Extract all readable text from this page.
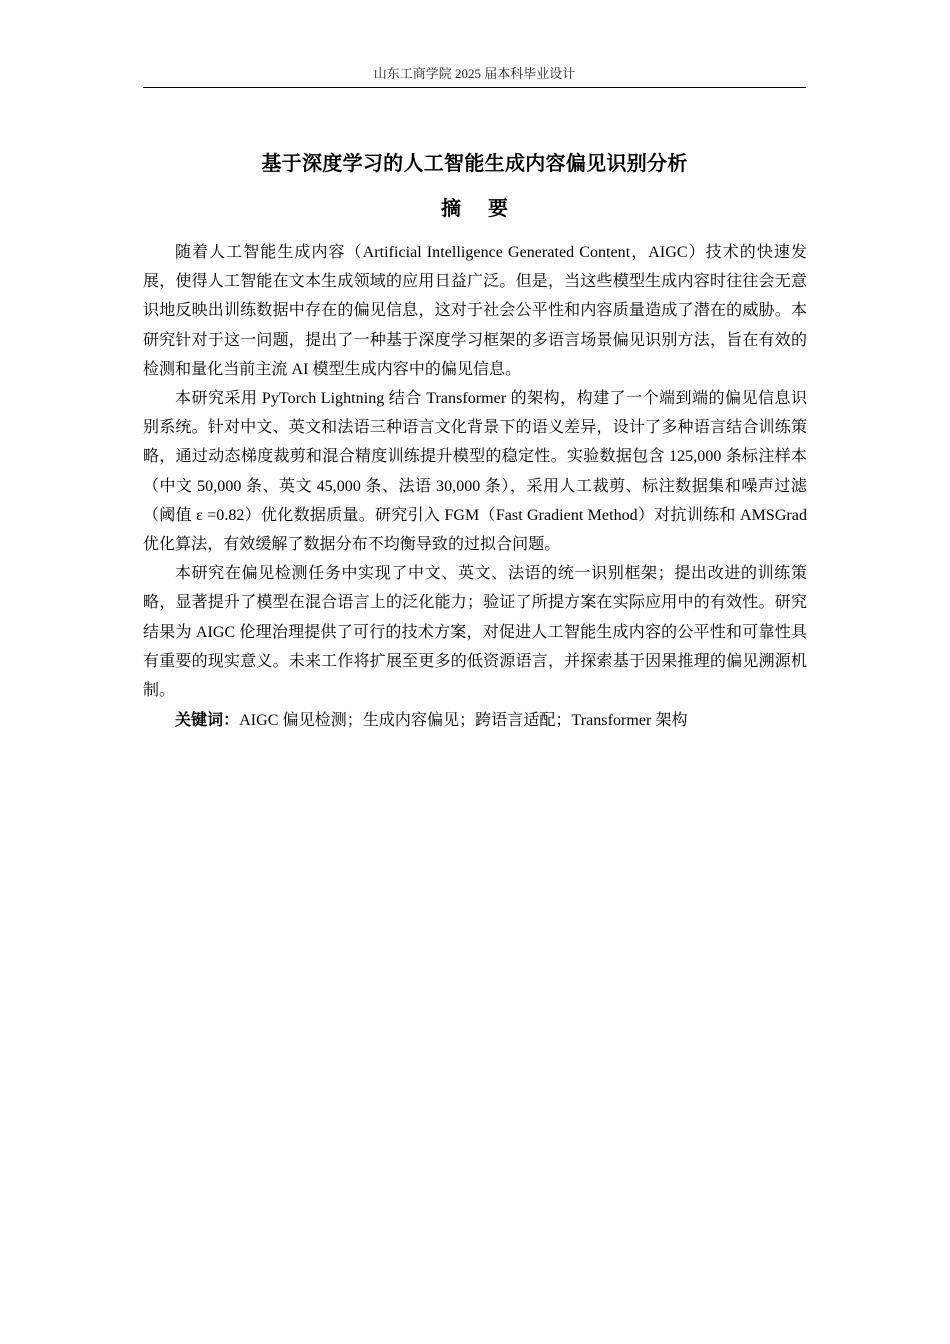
山东工商学院 2025 届本科毕业设计
基于深度学习的人工智能生成内容偏见识别分析
摘 要

随着人工智能生成内容（Artificial Intelligence Generated Content，AIGC）技术的快速发展，使得人工智能在文本生成领域的应用日益广泛。但是，当这些模型生成内容时往往会无意识地反映出训练数据中存在的偏见信息，这对于社会公平性和内容质量造成了潜在的威胁。本研究针对于这一问题，提出了一种基于深度学习框架的多语言场景偏见识别方法，旨在有效的检测和量化当前主流 AI 模型生成内容中的偏见信息。

本研究采用 PyTorch Lightning 结合 Transformer 的架构，构建了一个端到端的偏见信息识别系统。针对中文、英文和法语三种语言文化背景下的语义差异，设计了多种语言结合训练策略，通过动态梯度裁剪和混合精度训练提升模型的稳定性。实验数据包含 125,000 条标注样本（中文 50,000 条、英文 45,000 条、法语 30,000 条），采用人工裁剪、标注数据集和噪声过滤（阈值 ε =0.82）优化数据质量。研究引入 FGM（Fast Gradient Method）对抗训练和 AMSGrad 优化算法，有效缓解了数据分布不均衡导致的过拟合问题。

本研究在偏见检测任务中实现了中文、英文、法语的统一识别框架；提出改进的训练策略，显著提升了模型在混合语言上的泛化能力；验证了所提方案在实际应用中的有效性。研究结果为 AIGC 伦理治理提供了可行的技术方案，对促进人工智能生成内容的公平性和可靠性具有重要的现实意义。未来工作将扩展至更多的低资源语言，并探索基于因果推理的偏见溯源机制。

关键词：AIGC 偏见检测；生成内容偏见；跨语言适配；Transformer 架构
